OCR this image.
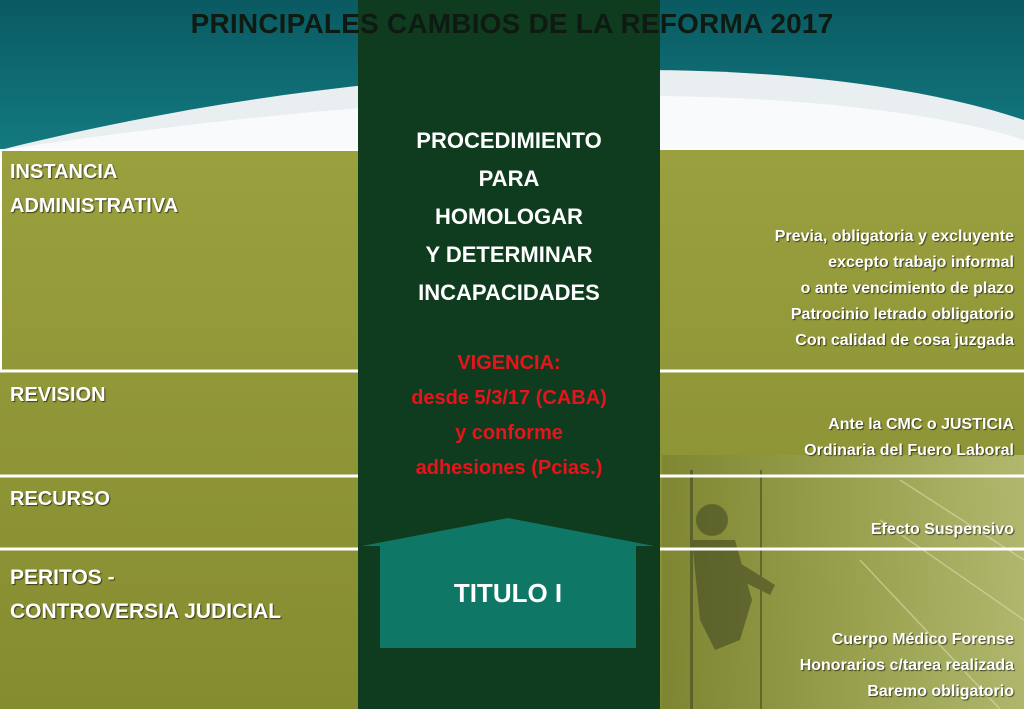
PRINCIPALES CAMBIOS DE LA REFORMA 2017
INSTANCIA
ADMINISTRATIVA
REVISION
RECURSO
PERITOS -
CONTROVERSIA JUDICIAL
PROCEDIMIENTO
PARA
HOMOLOGAR
Y DETERMINAR
INCAPACIDADES
VIGENCIA:
desde 5/3/17 (CABA)
y conforme
adhesiones (Pcias.)
TITULO I
Previa, obligatoria y excluyente
excepto trabajo informal
o ante vencimiento de plazo
Patrocinio letrado obligatorio
Con calidad de cosa juzgada
Ante la CMC o JUSTICIA
Ordinaria del Fuero Laboral
Efecto Suspensivo
Cuerpo Médico Forense
Honorarios c/tarea realizada
Baremo obligatorio
